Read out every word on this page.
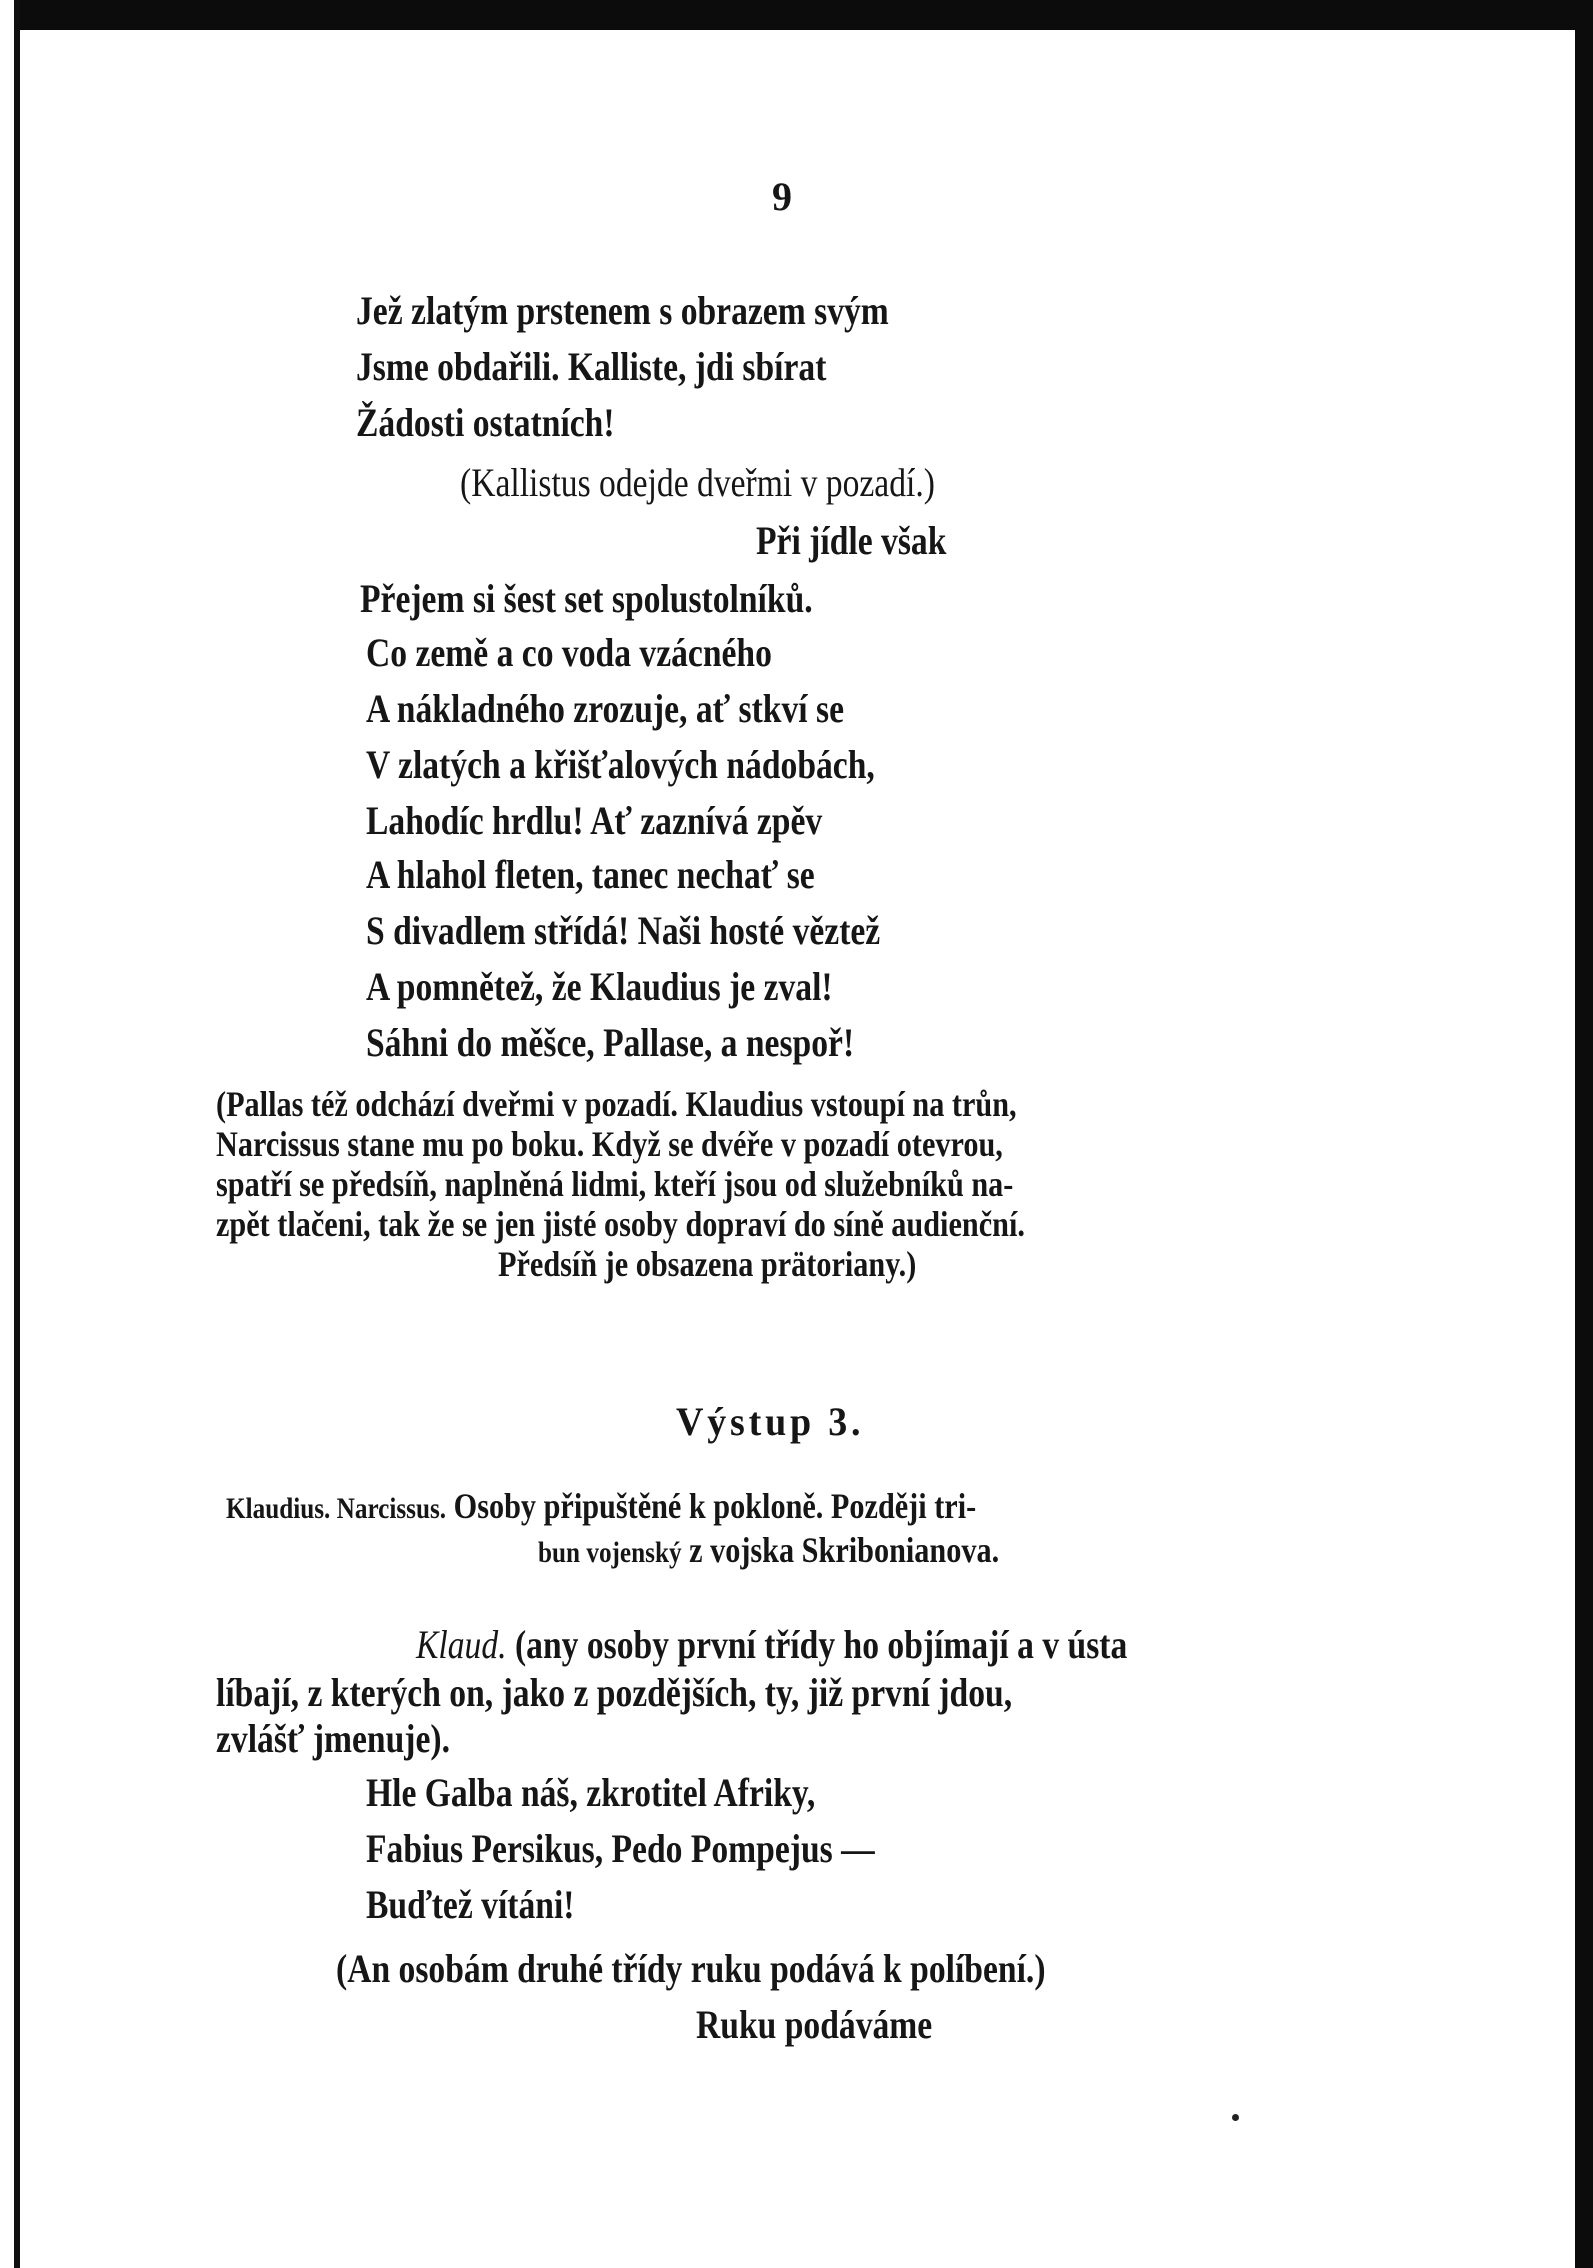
9
Jež zlatým prstenem s obrazem svým
Jsme obdařili. Kalliste, jdi sbírat
Žádosti ostatních!
(Kallistus odejde dveřmi v pozadí.)
Při jídle však
Přejem si šest set spolustolníků.
Co země a co voda vzácného
A nákladného zrozuje, ať stkví se
V zlatých a křišťalových nádobách,
Lahodíc hrdlu! Ať zaznívá zpěv
A hlahol fleten, tanec nechať se
S divadlem střídá! Naši hosté věztež
A pomnětež, že Klaudius je zval!
Sáhni do měšce, Pallase, a nespoř!
(Pallas též odchází dveřmi v pozadí. Klaudius vstoupí na trůn,
Narcissus stane mu po boku. Když se dvéře v pozadí otevrou,
spatří se předsíň, naplněná lidmi, kteří jsou od služebníků na-
zpět tlačeni, tak že se jen jisté osoby dopraví do síně audienční.
Předsíň je obsazena prätoriany.)
Výstup 3.
Klaudius. Narcissus. Osoby připuštěné k pokloně. Později tri-
bun vojenský z vojska Skribonianova.
Klaud. (any osoby první třídy ho objímají a v ústa
líbají, z kterých on, jako z pozdějších, ty, již první jdou,
zvlášť jmenuje).
Hle Galba náš, zkrotitel Afriky,
Fabius Persikus, Pedo Pompejus —
Buďtež vítáni!
(An osobám druhé třídy ruku podává k políbení.)
Ruku podáváme
